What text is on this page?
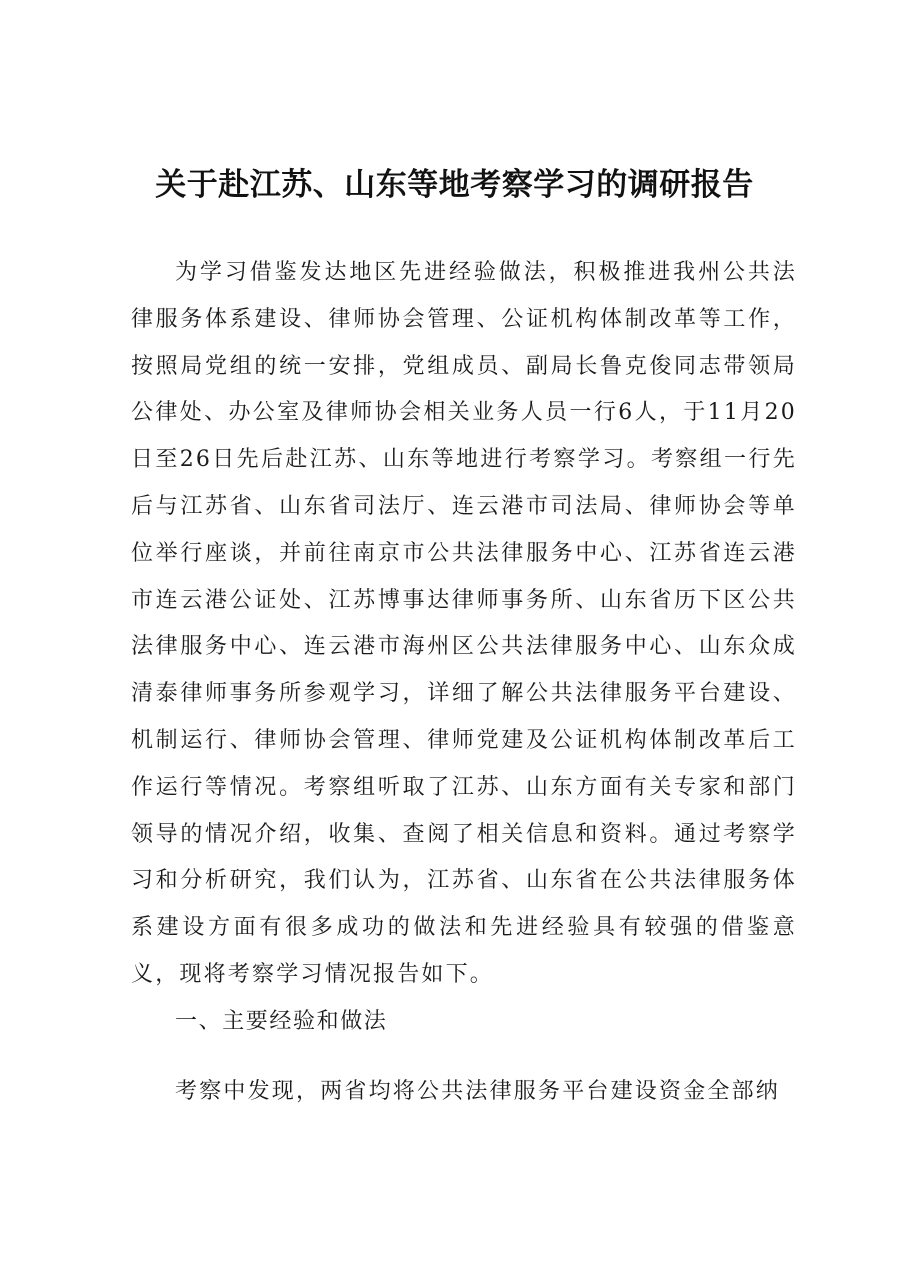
关于赴江苏、山东等地考察学习的调研报告

为学习借鉴发达地区先进经验做法，积极推进我州公共法律服务体系建设、律师协会管理、公证机构体制改革等工作，按照局党组的统一安排，党组成员、副局长鲁克俊同志带领局公律处、办公室及律师协会相关业务人员一行6人，于11月20日至26日先后赴江苏、山东等地进行考察学习。考察组一行先后与江苏省、山东省司法厅、连云港市司法局、律师协会等单位举行座谈，并前往南京市公共法律服务中心、江苏省连云港市连云港公证处、江苏博事达律师事务所、山东省历下区公共法律服务中心、连云港市海州区公共法律服务中心、山东众成清泰律师事务所参观学习，详细了解公共法律服务平台建设、机制运行、律师协会管理、律师党建及公证机构体制改革后工作运行等情况。考察组听取了江苏、山东方面有关专家和部门领导的情况介绍，收集、查阅了相关信息和资料。通过考察学习和分析研究，我们认为，江苏省、山东省在公共法律服务体系建设方面有很多成功的做法和先进经验具有较强的借鉴意义，现将考察学习情况报告如下。

一、主要经验和做法

考察中发现，两省均将公共法律服务平台建设资金全部纳
